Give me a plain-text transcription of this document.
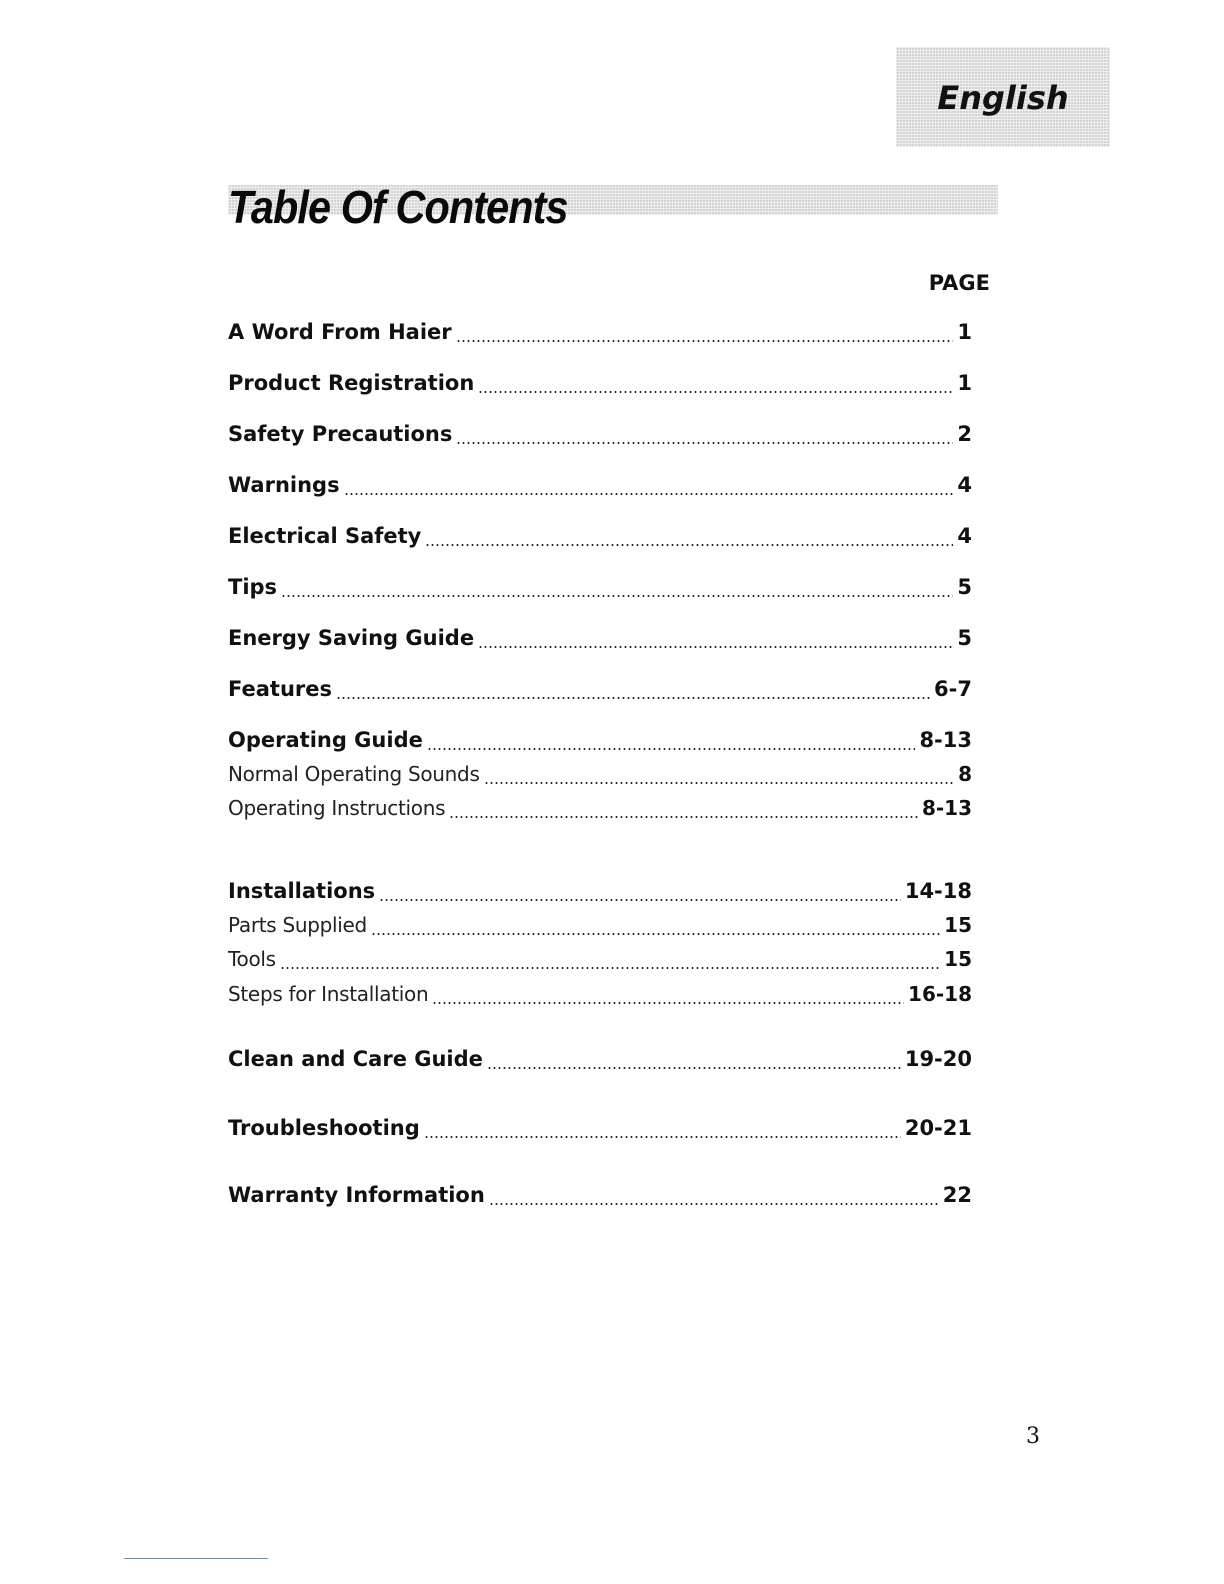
English
Table Of Contents
PAGE
A Word From Haier	1
Product Registration	1
Safety Precautions	2
Warnings	4
Electrical Safety	4
Tips	5
Energy Saving Guide	5
Features	6-7
Operating Guide	8-13
Normal Operating Sounds	8
Operating Instructions	8-13
Installations	14-18
Parts Supplied	15
Tools	15
Steps for Installation	16-18
Clean and Care Guide	19-20
Troubleshooting	20-21
Warranty Information	22
3
